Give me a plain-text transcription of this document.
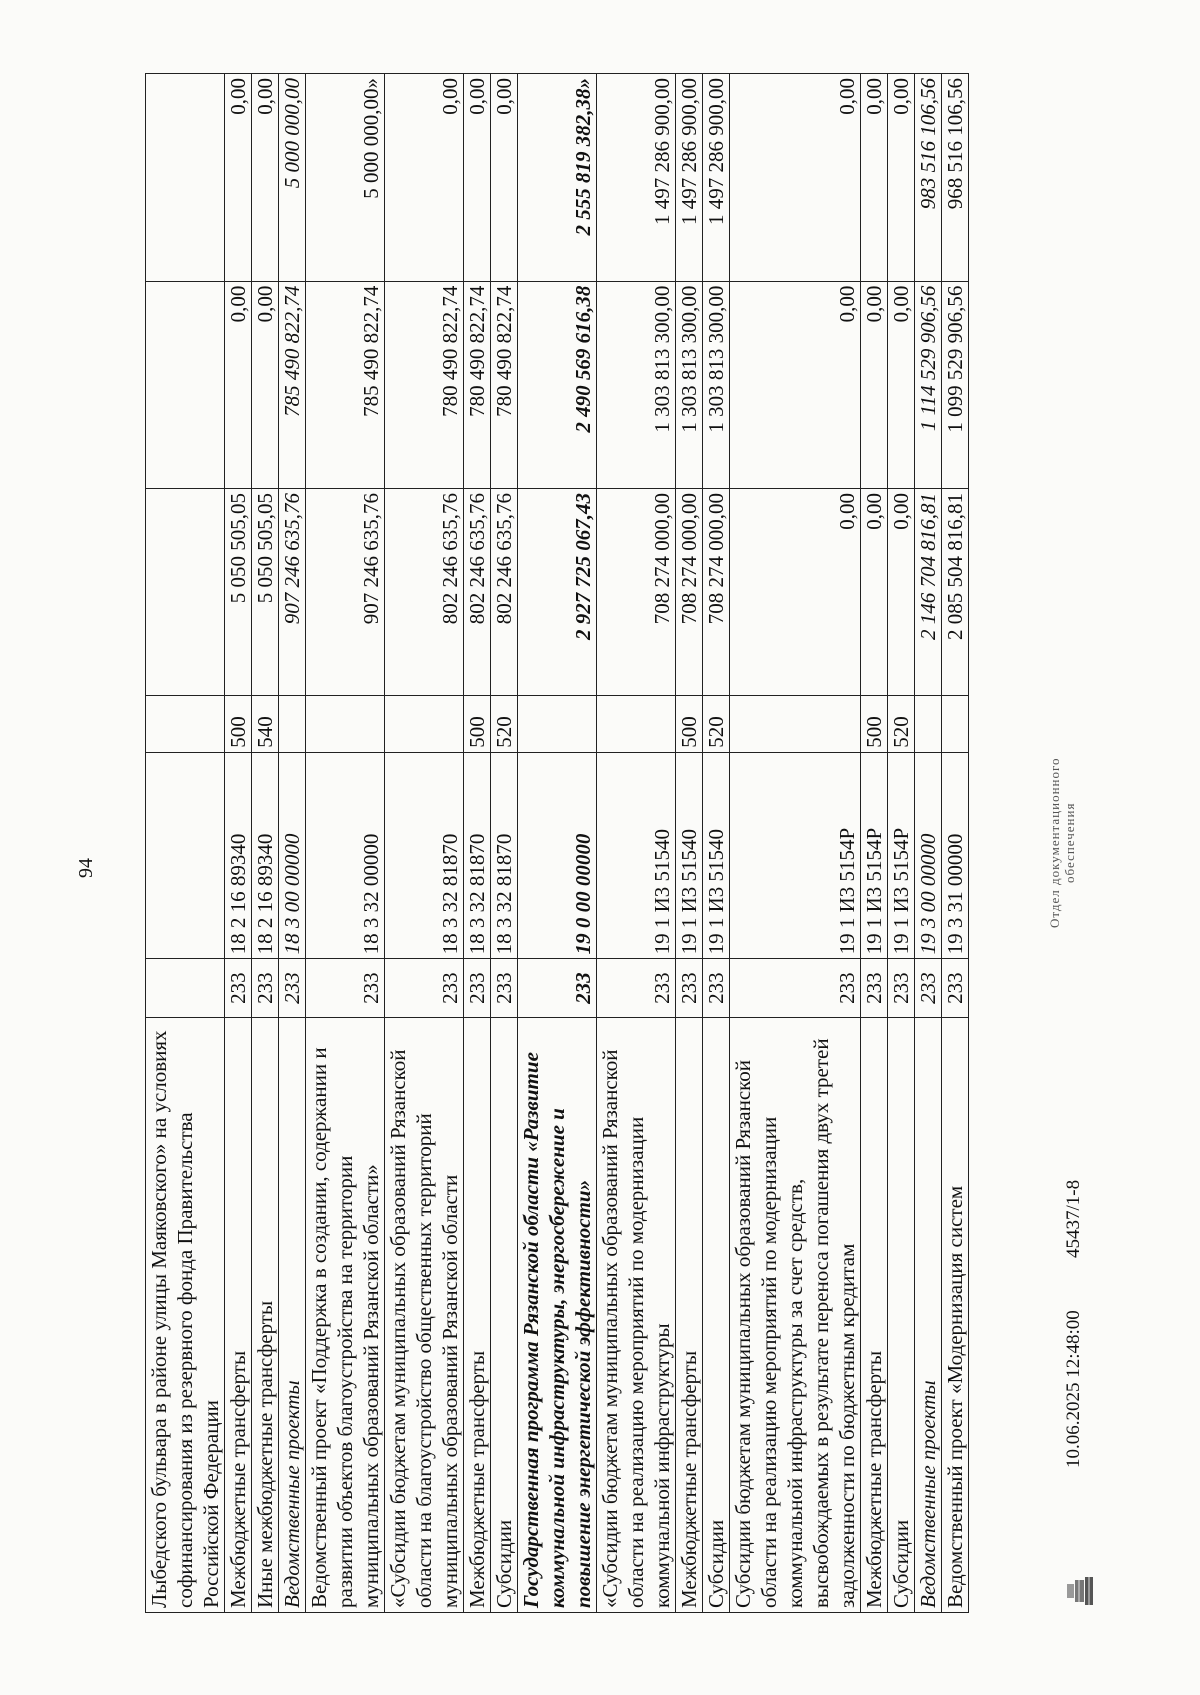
94
Лыбедского бульвара в районе улицы Маяковского» на условиях софинансирования из резервного фонда Правительства Российской Федерации						
Межбюджетные трансферты	233	18 2 16 89340	500	5 050 505,05	0,00	0,00
Иные межбюджетные трансферты	233	18 2 16 89340	540	5 050 505,05	0,00	0,00
Ведомственные проекты	233	18 3 00 00000		907 246 635,76	785 490 822,74	5 000 000,00
Ведомственный проект «Поддержка в создании, содержании и развитии объектов благоустройства на территории муниципальных образований Рязанской области»	233	18 3 32 00000		907 246 635,76	785 490 822,74	5 000 000,00»
«Субсидии бюджетам муниципальных образований Рязанской области на благоустройство общественных территорий муниципальных образований Рязанской области	233	18 3 32 81870		802 246 635,76	780 490 822,74	0,00
Межбюджетные трансферты	233	18 3 32 81870	500	802 246 635,76	780 490 822,74	0,00
Субсидии	233	18 3 32 81870	520	802 246 635,76	780 490 822,74	0,00
Государственная программа Рязанской области «Развитие коммунальной инфраструктуры, энергосбережение и повышение энергетической эффективности»	233	19 0 00 00000		2 927 725 067,43	2 490 569 616,38	2 555 819 382,38»
«Субсидии бюджетам муниципальных образований Рязанской области на реализацию мероприятий по модернизации коммунальной инфраструктуры	233	19 1 И3 51540		708 274 000,00	1 303 813 300,00	1 497 286 900,00
Межбюджетные трансферты	233	19 1 И3 51540	500	708 274 000,00	1 303 813 300,00	1 497 286 900,00
Субсидии	233	19 1 И3 51540	520	708 274 000,00	1 303 813 300,00	1 497 286 900,00
Субсидии бюджетам муниципальных образований Рязанской области на реализацию мероприятий по модернизации коммунальной инфраструктуры за счет средств, высвобождаемых в результате переноса погашения двух третей задолженности по бюджетным кредитам	233	19 1 И3 5154Р		0,00	0,00	0,00
Межбюджетные трансферты	233	19 1 И3 5154Р	500	0,00	0,00	0,00
Субсидии	233	19 1 И3 5154Р	520	0,00	0,00	0,00
Ведомственные проекты	233	19 3 00 00000		2 146 704 816,81	1 114 529 906,56	983 516 106,56
Ведомственный проект «Модернизация систем	233	19 3 31 00000		2 085 504 816,81	1 099 529 906,56	968 516 106,56
10.06.2025 12:48:00
45437/1-8
Отдел документационного обеспечения
